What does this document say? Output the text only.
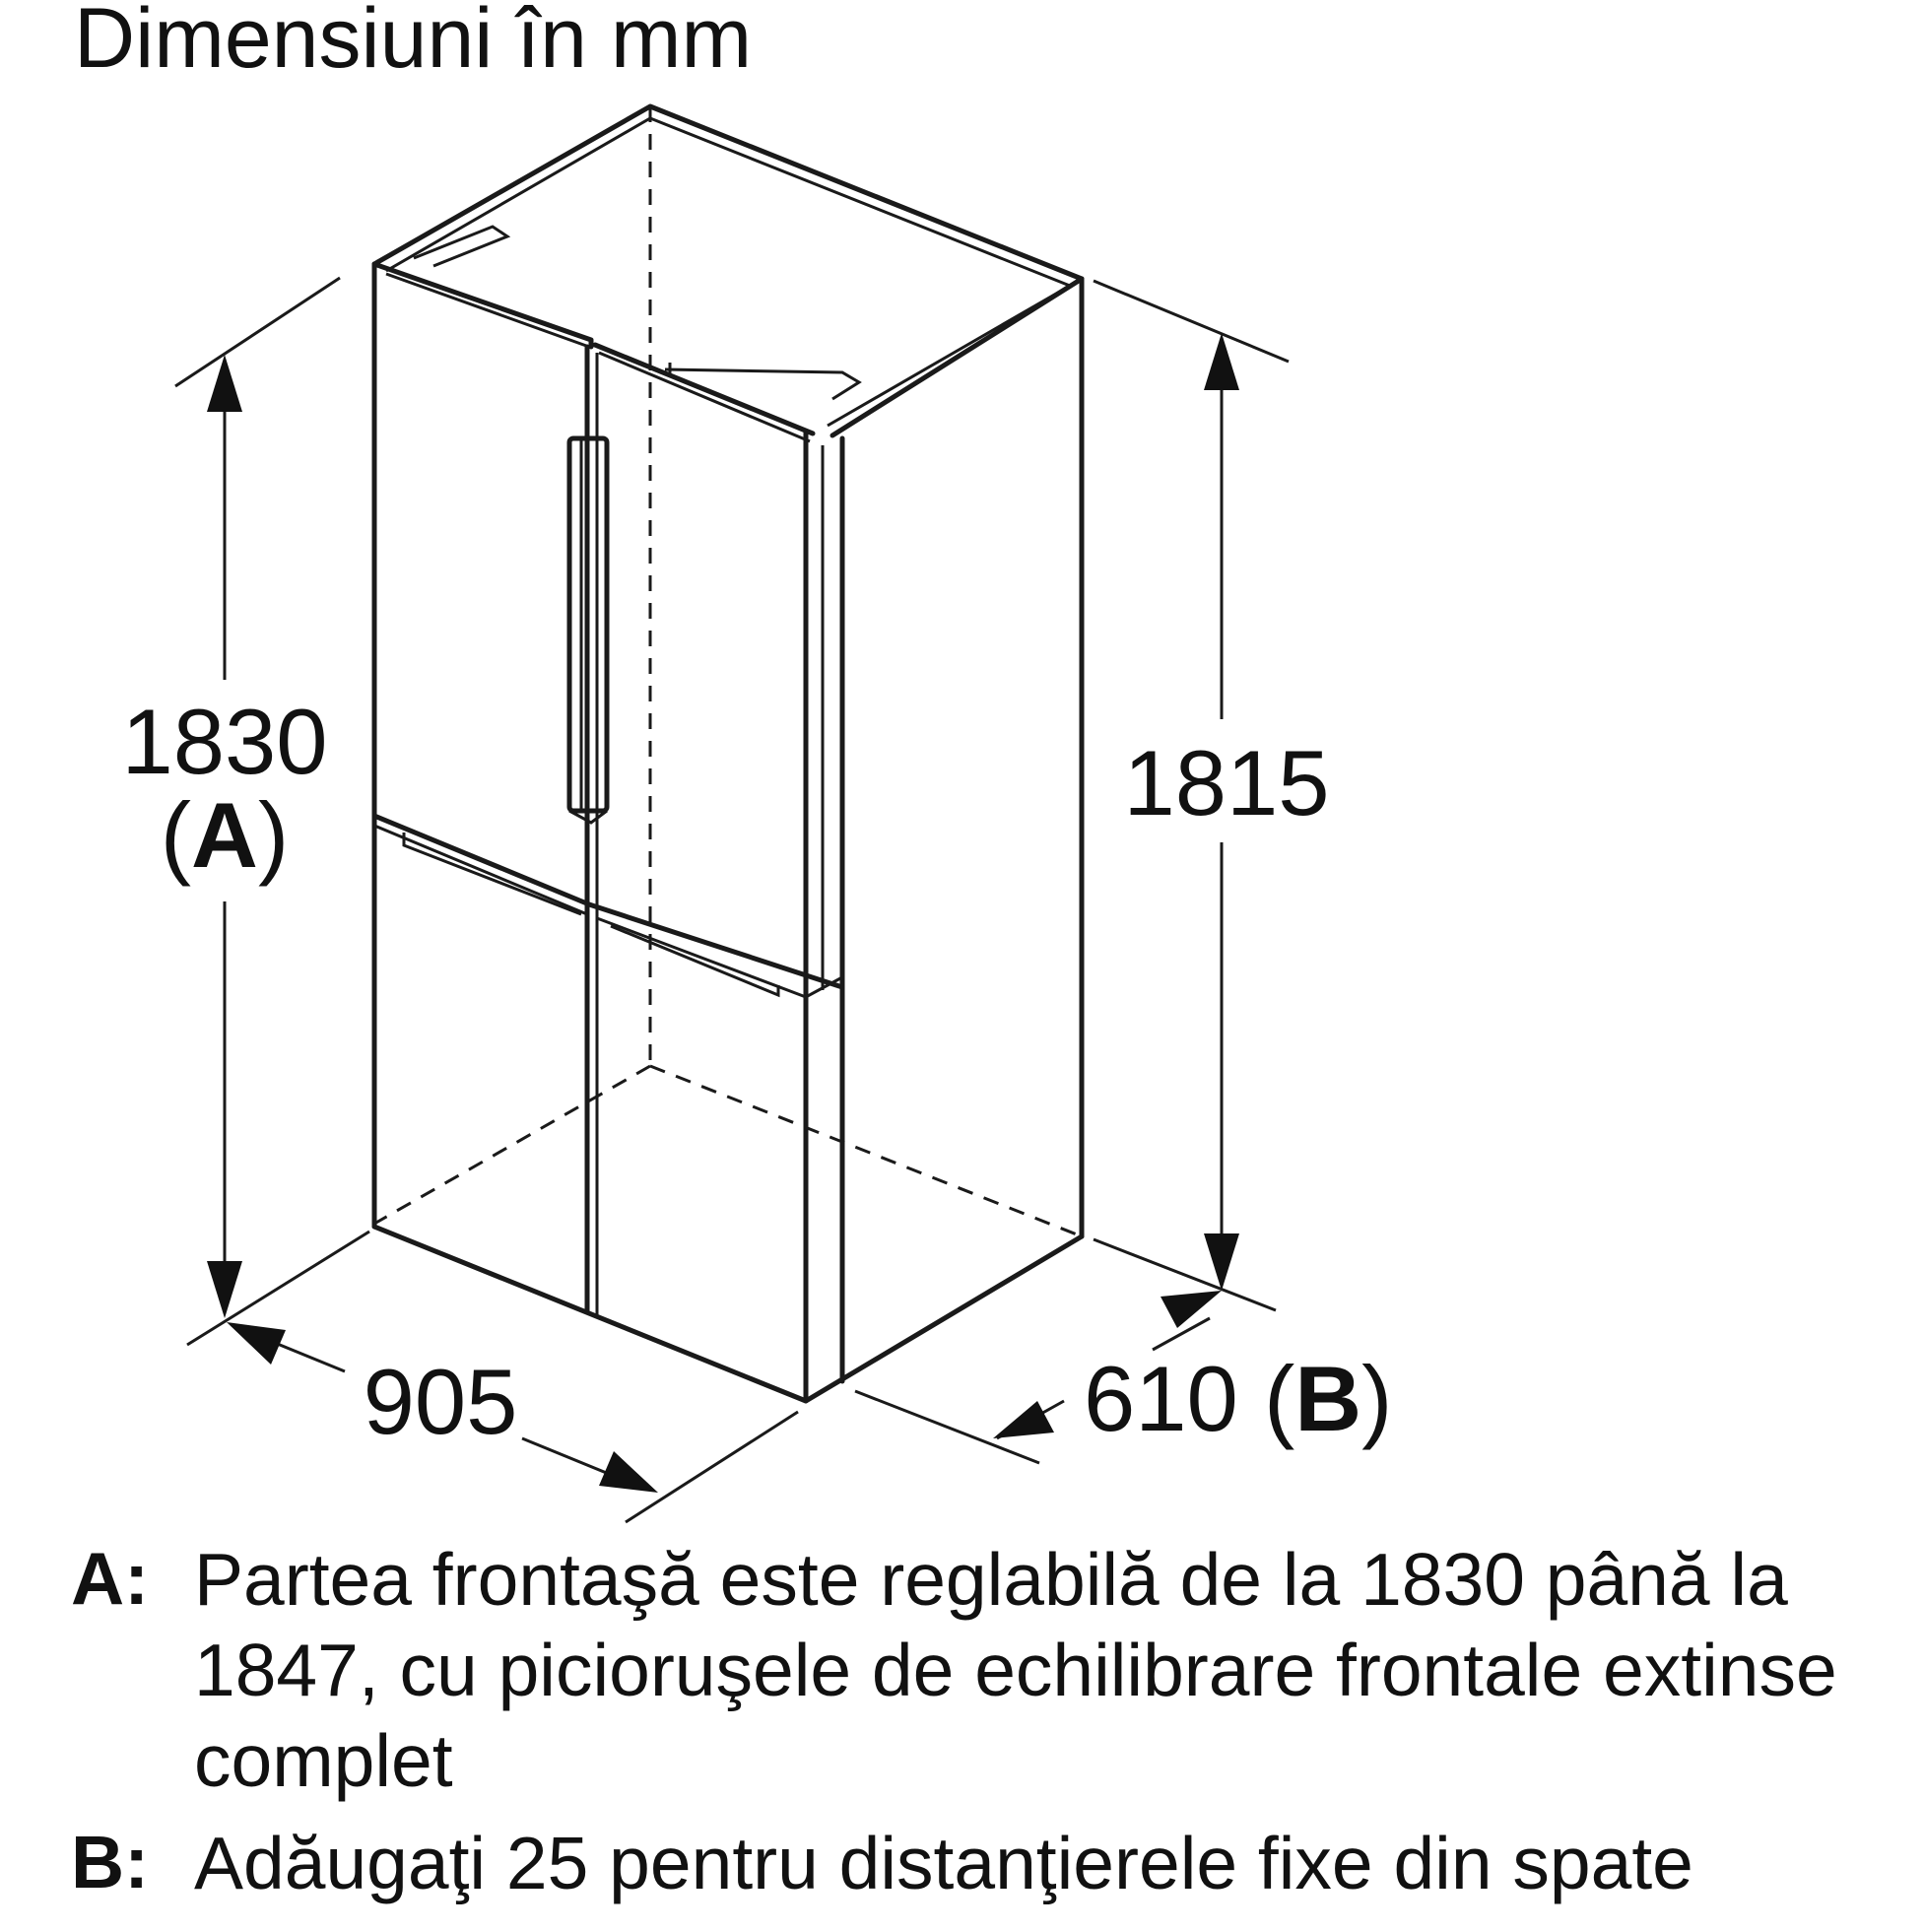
Dimensiuni în mm
1830
(A)
1815
905	610 (B)
A: Partea frontaşă este reglabilă de la 1830 până la 1847, cu picioruşele de echilibrare frontale extinse complet
B: Adăugaţi 25 pentru distanţierele fixe din spate
